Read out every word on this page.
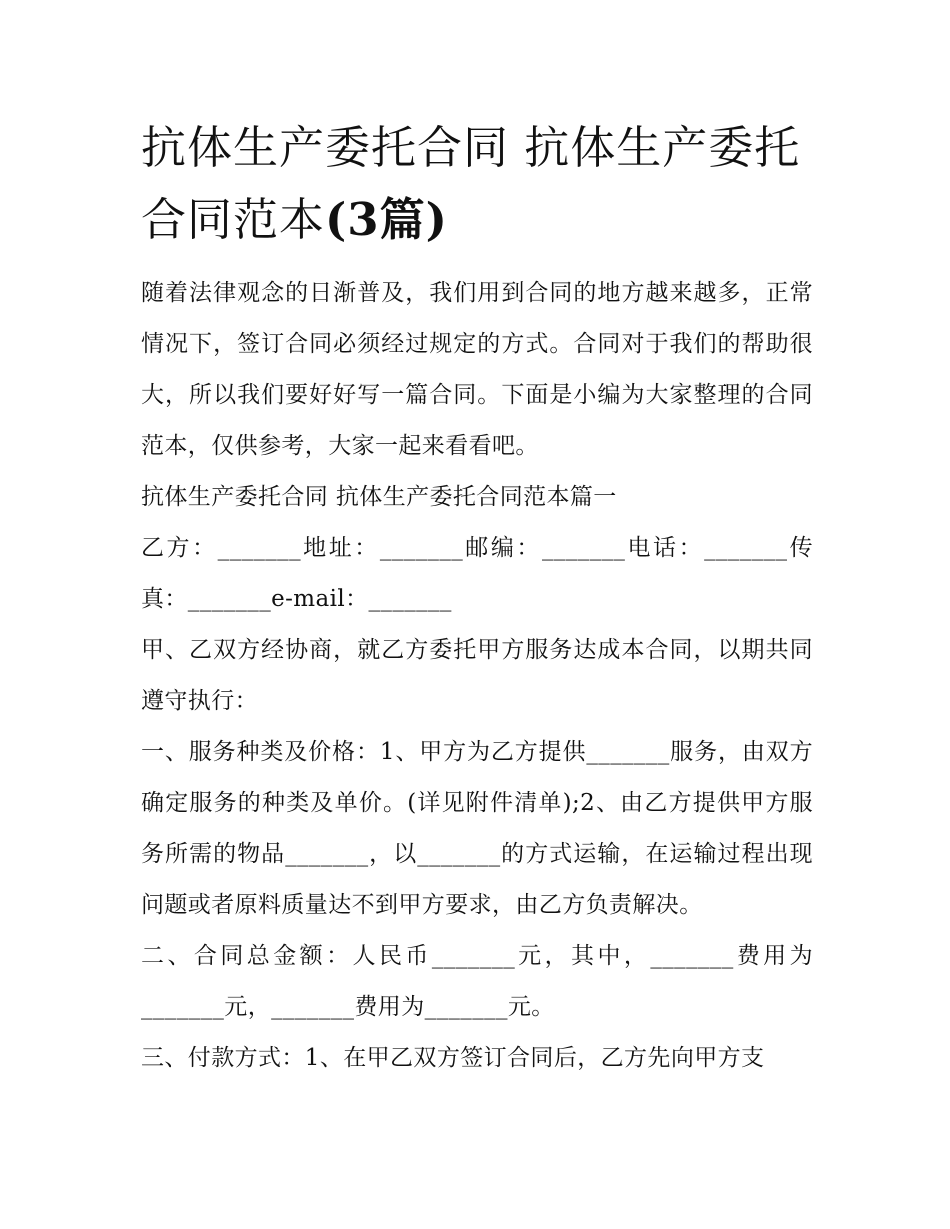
抗体生产委托合同 抗体生产委托合同范本(3篇)

随着法律观念的日渐普及，我们用到合同的地方越来越多，正常情况下，签订合同必须经过规定的方式。合同对于我们的帮助很大，所以我们要好好写一篇合同。下面是小编为大家整理的合同范本，仅供参考，大家一起来看看吧。

抗体生产委托合同 抗体生产委托合同范本篇一

乙方：_______地址：_______邮编：_______电话：_______传真：_______e-mail：_______

甲、乙双方经协商，就乙方委托甲方服务达成本合同，以期共同遵守执行：

一、服务种类及价格：1、甲方为乙方提供_______服务，由双方确定服务的种类及单价。(详见附件清单);2、由乙方提供甲方服务所需的物品_______，以_______的方式运输，在运输过程出现问题或者原料质量达不到甲方要求，由乙方负责解决。

二、合同总金额：人民币_______元，其中，_______费用为_______元，_______费用为_______元。

三、付款方式：1、在甲乙双方签订合同后，乙方先向甲方支
